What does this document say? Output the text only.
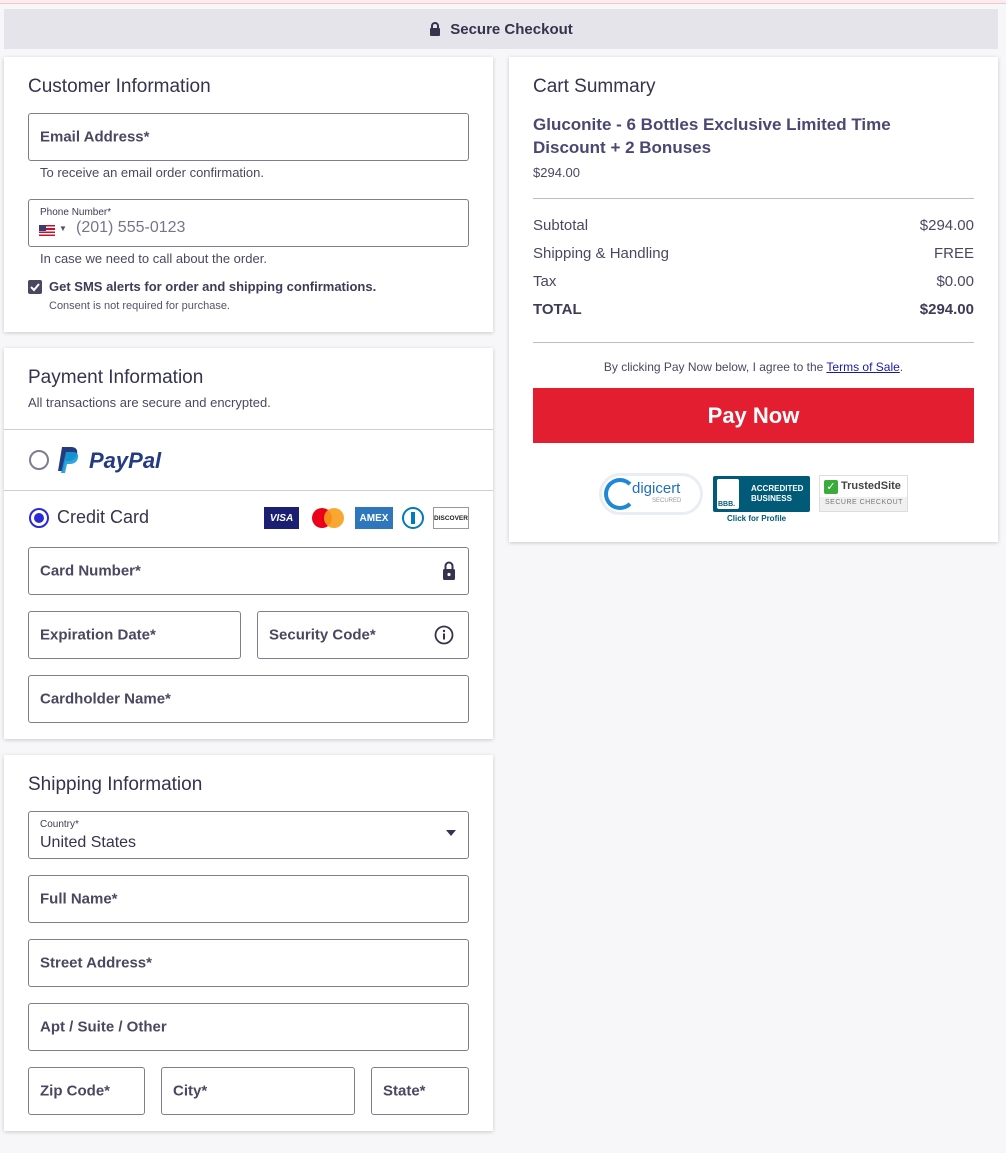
Secure Checkout
Customer Information
Email Address*
To receive an email order confirmation.
Phone Number*
▼ (201) 555-0123
In case we need to call about the order.
Get SMS alerts for order and shipping confirmations.
Consent is not required for purchase.
Payment Information
All transactions are secure and encrypted.
PayPal
Credit Card	VISA	AMEX	DISCOVER
Card Number*
Expiration Date*	Security Code*
Cardholder Name*
Shipping Information
Country*
United States
Full Name*
Street Address*
Apt / Suite / Other
Zip Code*	City*	State*
Cart Summary
Gluconite - 6 Bottles Exclusive Limited Time Discount + 2 Bonuses
$294.00
Subtotal	$294.00
Shipping & Handling	FREE
Tax	$0.00
TOTAL	$294.00
By clicking Pay Now below, I agree to the Terms of Sale.
Pay Now
digicert
SECURED	BBB.
ACCREDITED
BUSINESS
Click for Profile
✓ TrustedSite
SECURE CHECKOUT
